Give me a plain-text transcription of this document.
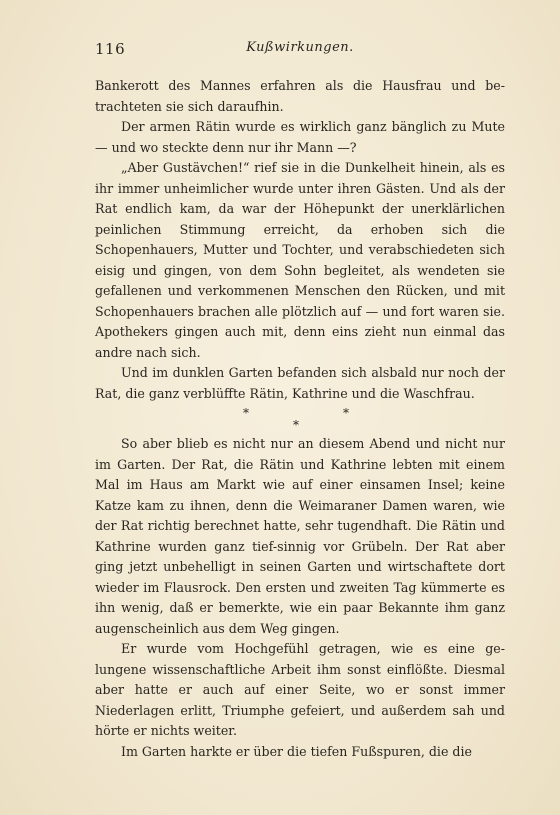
116	Kußwirkungen.

Bankerott des Mannes erfahren als die Hausfrau und be-trachteten sie sich daraufhin.

Der armen Rätin wurde es wirklich ganz bänglich zu Mute — und wo steckte denn nur ihr Mann —?

„Aber Gustävchen!“ rief sie in die Dunkelheit hinein, als es ihr immer unheimlicher wurde unter ihren Gästen. Und als der Rat endlich kam, da war der Höhepunkt der unerklärlichen peinlichen Stimmung erreicht, da erhoben sich die Schopenhauers, Mutter und Tochter, und verabschiedeten sich eisig und gingen, von dem Sohn begleitet, als wendeten sie gefallenen und verkommenen Menschen den Rücken, und mit Schopenhauers brachen alle plötzlich auf — und fort waren sie. Apothekers gingen auch mit, denn eins zieht nun einmal das andre nach sich.

Und im dunklen Garten befanden sich alsbald nur noch der Rat, die ganz verblüffte Rätin, Kathrine und die Waschfrau.

*	*
*

So aber blieb es nicht nur an diesem Abend und nicht nur im Garten. Der Rat, die Rätin und Kathrine lebten mit einem Mal im Haus am Markt wie auf einer einsamen Insel; keine Katze kam zu ihnen, denn die Weimaraner Damen waren, wie der Rat richtig berechnet hatte, sehr tugendhaft. Die Rätin und Kathrine wurden ganz tief-sinnig vor Grübeln. Der Rat aber ging jetzt unbehelligt in seinen Garten und wirtschaftete dort wieder im Flausrock. Den ersten und zweiten Tag kümmerte es ihn wenig, daß er bemerkte, wie ein paar Bekannte ihm ganz augenscheinlich aus dem Weg gingen.

Er wurde vom Hochgefühl getragen, wie es eine ge-lungene wissenschaftliche Arbeit ihm sonst einflößte. Diesmal aber hatte er auch auf einer Seite, wo er sonst immer Niederlagen erlitt, Triumphe gefeiert, und außerdem sah und hörte er nichts weiter.

Im Garten harkte er über die tiefen Fußspuren, die die
